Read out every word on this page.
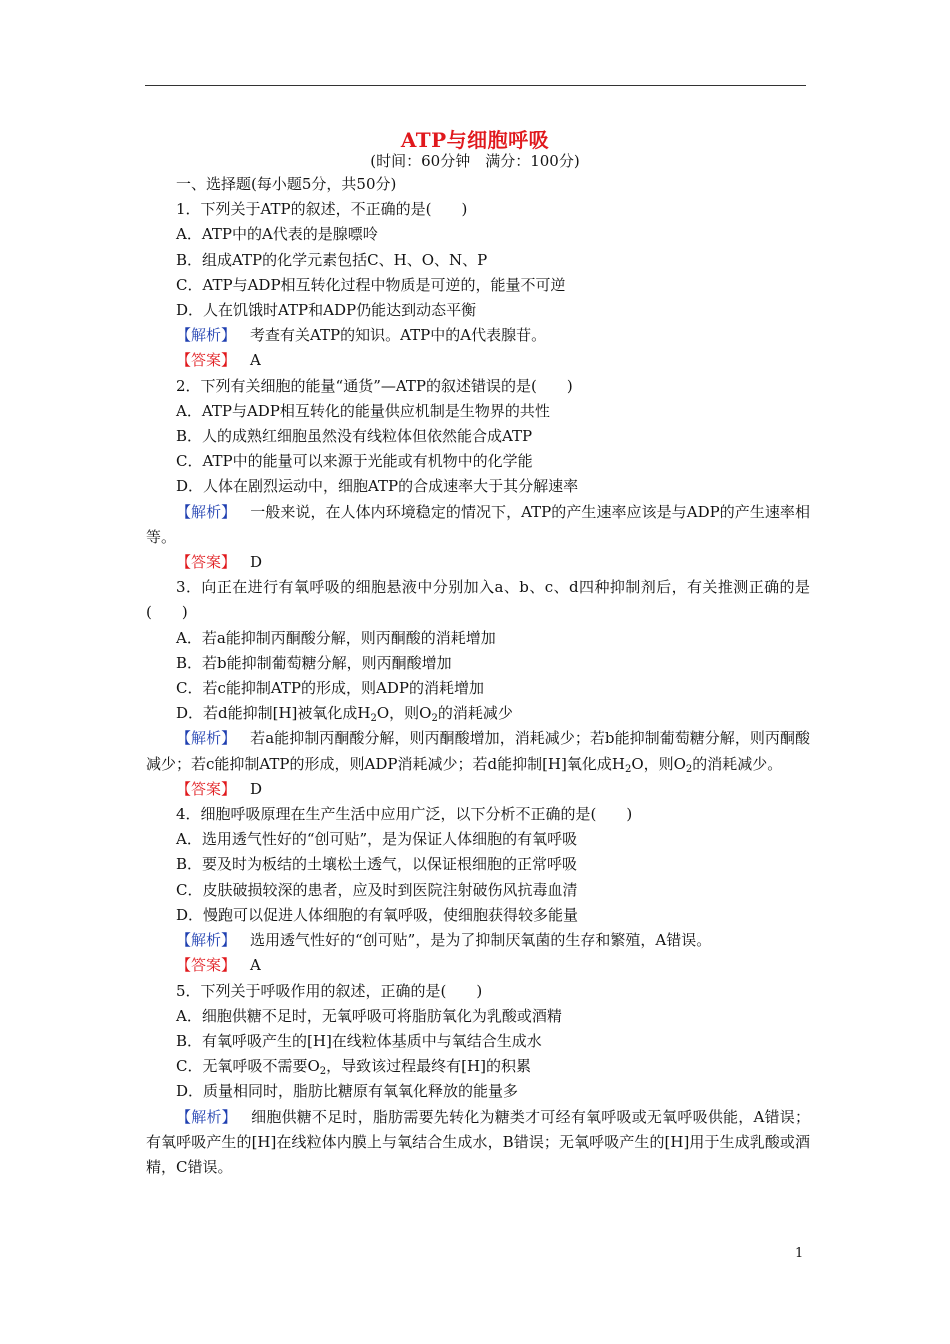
ATP与细胞呼吸
(时间：60分钟　满分：100分)

一、选择题(每小题5分，共50分)

1．下列关于ATP的叙述，不正确的是(　　)

A．ATP中的A代表的是腺嘌呤

B．组成ATP的化学元素包括C、H、O、N、P

C．ATP与ADP相互转化过程中物质是可逆的，能量不可逆

D．人在饥饿时ATP和ADP仍能达到动态平衡

【解析】 考查有关ATP的知识。ATP中的A代表腺苷。

【答案】 A

2．下列有关细胞的能量“通货”—ATP的叙述错误的是(　　)

A．ATP与ADP相互转化的能量供应机制是生物界的共性

B．人的成熟红细胞虽然没有线粒体但依然能合成ATP

C．ATP中的能量可以来源于光能或有机物中的化学能

D．人体在剧烈运动中，细胞ATP的合成速率大于其分解速率

【解析】 一般来说，在人体内环境稳定的情况下，ATP的产生速率应该是与ADP的产生速率相等。

【答案】 D

3．向正在进行有氧呼吸的细胞悬液中分别加入a、b、c、d四种抑制剂后，有关推测正确的是(　　)

A．若a能抑制丙酮酸分解，则丙酮酸的消耗增加

B．若b能抑制葡萄糖分解，则丙酮酸增加

C．若c能抑制ATP的形成，则ADP的消耗增加

D．若d能抑制[H]被氧化成$H_2O$，则$O_2$的消耗减少

【解析】 若a能抑制丙酮酸分解，则丙酮酸增加，消耗减少；若b能抑制葡萄糖分解，则丙酮酸减少；若c能抑制ATP的形成，则ADP消耗减少；若d能抑制[H]氧化成$H_2O$，则$O_2$的消耗减少。

【答案】 D

4．细胞呼吸原理在生产生活中应用广泛，以下分析不正确的是(　　)

A．选用透气性好的“创可贴”，是为保证人体细胞的有氧呼吸

B．要及时为板结的土壤松土透气，以保证根细胞的正常呼吸

C．皮肤破损较深的患者，应及时到医院注射破伤风抗毒血清

D．慢跑可以促进人体细胞的有氧呼吸，使细胞获得较多能量

【解析】 选用透气性好的“创可贴”，是为了抑制厌氧菌的生存和繁殖，A错误。

【答案】 A

5．下列关于呼吸作用的叙述，正确的是(　　)

A．细胞供糖不足时，无氧呼吸可将脂肪氧化为乳酸或酒精

B．有氧呼吸产生的[H]在线粒体基质中与氧结合生成水

C．无氧呼吸不需要$O_2$，导致该过程最终有[H]的积累

D．质量相同时，脂肪比糖原有氧氧化释放的能量多

【解析】 细胞供糖不足时，脂肪需要先转化为糖类才可经有氧呼吸或无氧呼吸供能，A错误；有氧呼吸产生的[H]在线粒体内膜上与氧结合生成水，B错误；无氧呼吸产生的[H]用于生成乳酸或酒精，C错误。

1
